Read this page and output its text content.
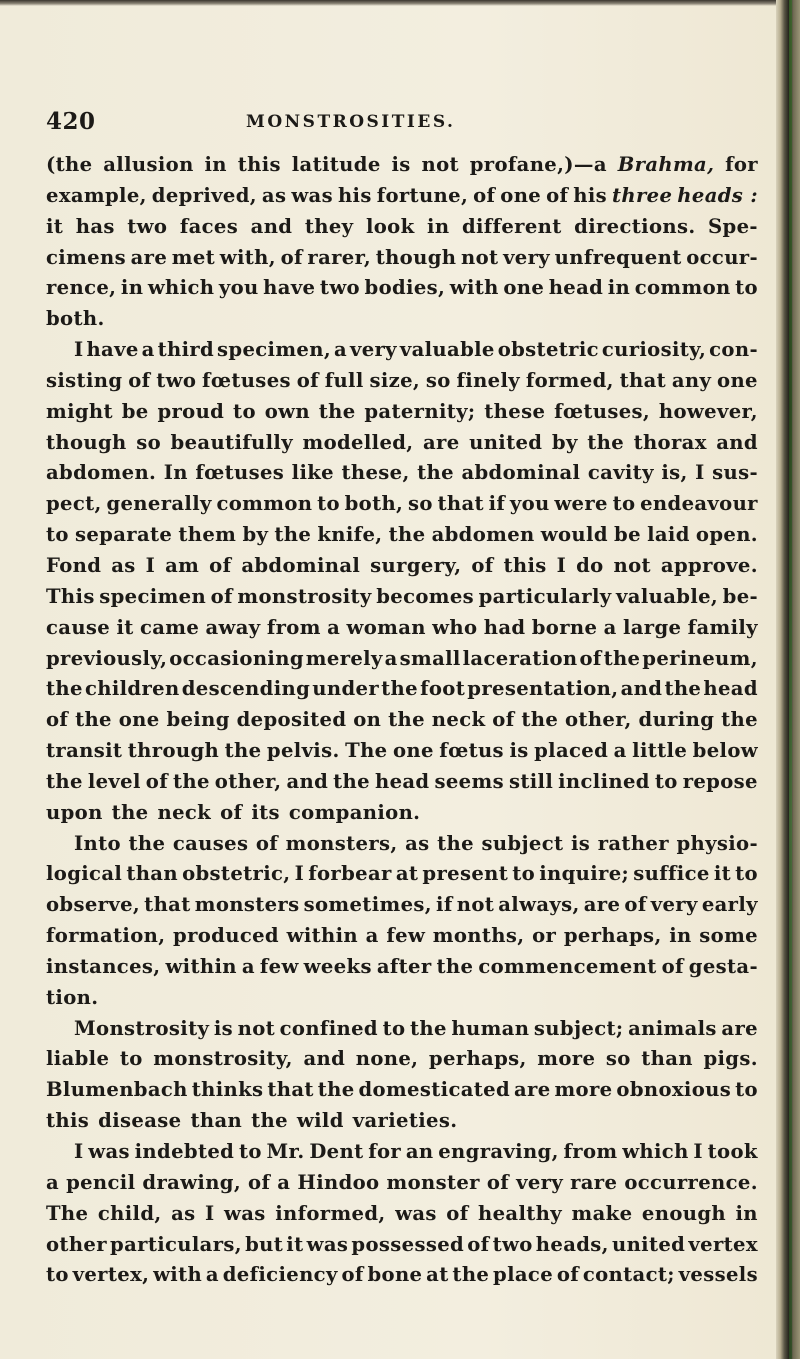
420	MONSTROSITIES.
(the allusion in this latitude is not profane,)—a Brahma, for
example, deprived, as was his fortune, of one of his three heads :
it has two faces and they look in different directions. Spe-
cimens are met with, of rarer, though not very unfrequent occur-
rence, in which you have two bodies, with one head in common to
both.
I have a third specimen, a very valuable obstetric curiosity, con-
sisting of two fœtuses of full size, so finely formed, that any one
might be proud to own the paternity; these fœtuses, however,
though so beautifully modelled, are united by the thorax and
abdomen. In fœtuses like these, the abdominal cavity is, I sus-
pect, generally common to both, so that if you were to endeavour
to separate them by the knife, the abdomen would be laid open.
Fond as I am of abdominal surgery, of this I do not approve.
This specimen of monstrosity becomes particularly valuable, be-
cause it came away from a woman who had borne a large family
previously, occasioning merely a small laceration of the perineum,
the children descending under the foot presentation, and the head
of the one being deposited on the neck of the other, during the
transit through the pelvis. The one fœtus is placed a little below
the level of the other, and the head seems still inclined to repose
upon the neck of its companion.
Into the causes of monsters, as the subject is rather physio-
logical than obstetric, I forbear at present to inquire; suffice it to
observe, that monsters sometimes, if not always, are of very early
formation, produced within a few months, or perhaps, in some
instances, within a few weeks after the commencement of gesta-
tion.
Monstrosity is not confined to the human subject; animals are
liable to monstrosity, and none, perhaps, more so than pigs.
Blumenbach thinks that the domesticated are more obnoxious to
this disease than the wild varieties.
I was indebted to Mr. Dent for an engraving, from which I took
a pencil drawing, of a Hindoo monster of very rare occurrence.
The child, as I was informed, was of healthy make enough in
other particulars, but it was possessed of two heads, united vertex
to vertex, with a deficiency of bone at the place of contact; vessels
